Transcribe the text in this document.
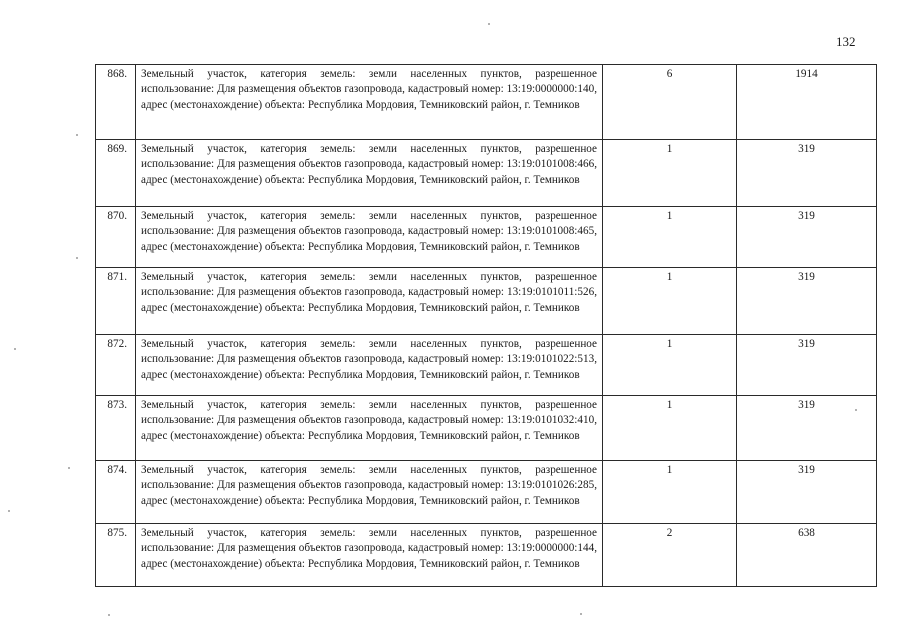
132
868.	Земельный участок, категория земель: земли населенных пунктов, разрешенное использование: Для размещения объектов газопровода, кадастровый номер: 13:19:0000000:140, адрес (местонахождение) объекта: Республика Мордовия, Темниковский район, г. Темников	6	1914
869.	Земельный участок, категория земель: земли населенных пунктов, разрешенное использование: Для размещения объектов газопровода, кадастровый номер: 13:19:0101008:466, адрес (местонахождение) объекта: Республика Мордовия, Темниковский район, г. Темников	1	319
870.	Земельный участок, категория земель: земли населенных пунктов, разрешенное использование: Для размещения объектов газопровода, кадастровый номер: 13:19:0101008:465, адрес (местонахождение) объекта: Республика Мордовия, Темниковский район, г. Темников	1	319
871.	Земельный участок, категория земель: земли населенных пунктов, разрешенное использование: Для размещения объектов газопровода, кадастровый номер: 13:19:0101011:526, адрес (местонахождение) объекта: Республика Мордовия, Темниковский район, г. Темников	1	319
872.	Земельный участок, категория земель: земли населенных пунктов, разрешенное использование: Для размещения объектов газопровода, кадастровый номер: 13:19:0101022:513, адрес (местонахождение) объекта: Республика Мордовия, Темниковский район, г. Темников	1	319
873.	Земельный участок, категория земель: земли населенных пунктов, разрешенное использование: Для размещения объектов газопровода, кадастровый номер: 13:19:0101032:410, адрес (местонахождение) объекта: Республика Мордовия, Темниковский район, г. Темников	1	319
874.	Земельный участок, категория земель: земли населенных пунктов, разрешенное использование: Для размещения объектов газопровода, кадастровый номер: 13:19:0101026:285, адрес (местонахождение) объекта: Республика Мордовия, Темниковский район, г. Темников	1	319
875.	Земельный участок, категория земель: земли населенных пунктов, разрешенное использование: Для размещения объектов газопровода, кадастровый номер: 13:19:0000000:144, адрес (местонахождение) объекта: Республика Мордовия, Темниковский район, г. Темников	2	638
